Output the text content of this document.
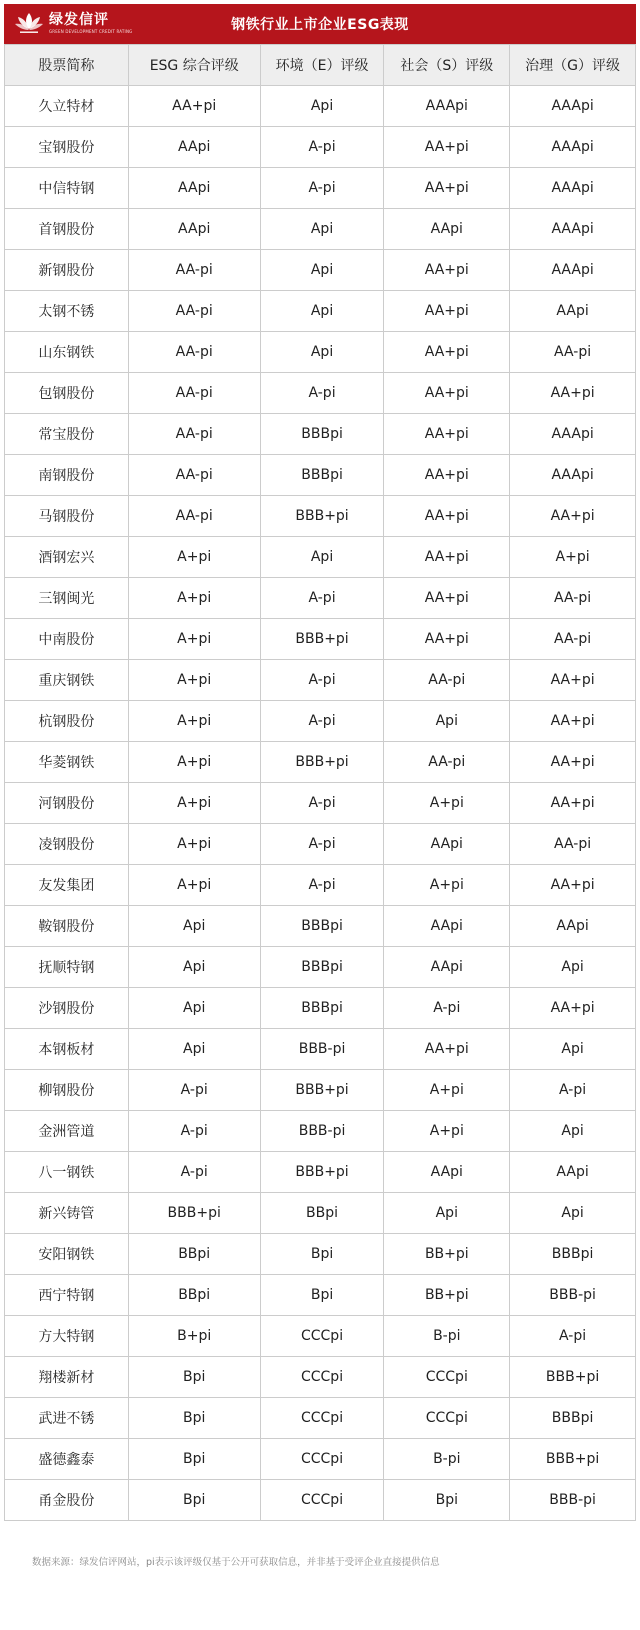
绿发信评
GREEN DEVELOPMENT CREDIT RATING	钢铁行业上市企业ESG表现
股票简称	ESG 综合评级	环境（E）评级	社会（S）评级	治理（G）评级
久立特材	AA+pi	Api	AAApi	AAApi
宝钢股份	AApi	A-pi	AA+pi	AAApi
中信特钢	AApi	A-pi	AA+pi	AAApi
首钢股份	AApi	Api	AApi	AAApi
新钢股份	AA-pi	Api	AA+pi	AAApi
太钢不锈	AA-pi	Api	AA+pi	AApi
山东钢铁	AA-pi	Api	AA+pi	AA-pi
包钢股份	AA-pi	A-pi	AA+pi	AA+pi
常宝股份	AA-pi	BBBpi	AA+pi	AAApi
南钢股份	AA-pi	BBBpi	AA+pi	AAApi
马钢股份	AA-pi	BBB+pi	AA+pi	AA+pi
酒钢宏兴	A+pi	Api	AA+pi	A+pi
三钢闽光	A+pi	A-pi	AA+pi	AA-pi
中南股份	A+pi	BBB+pi	AA+pi	AA-pi
重庆钢铁	A+pi	A-pi	AA-pi	AA+pi
杭钢股份	A+pi	A-pi	Api	AA+pi
华菱钢铁	A+pi	BBB+pi	AA-pi	AA+pi
河钢股份	A+pi	A-pi	A+pi	AA+pi
凌钢股份	A+pi	A-pi	AApi	AA-pi
友发集团	A+pi	A-pi	A+pi	AA+pi
鞍钢股份	Api	BBBpi	AApi	AApi
抚顺特钢	Api	BBBpi	AApi	Api
沙钢股份	Api	BBBpi	A-pi	AA+pi
本钢板材	Api	BBB-pi	AA+pi	Api
柳钢股份	A-pi	BBB+pi	A+pi	A-pi
金洲管道	A-pi	BBB-pi	A+pi	Api
八一钢铁	A-pi	BBB+pi	AApi	AApi
新兴铸管	BBB+pi	BBpi	Api	Api
安阳钢铁	BBpi	Bpi	BB+pi	BBBpi
西宁特钢	BBpi	Bpi	BB+pi	BBB-pi
方大特钢	B+pi	CCCpi	B-pi	A-pi
翔楼新材	Bpi	CCCpi	CCCpi	BBB+pi
武进不锈	Bpi	CCCpi	CCCpi	BBBpi
盛德鑫泰	Bpi	CCCpi	B-pi	BBB+pi
甬金股份	Bpi	CCCpi	Bpi	BBB-pi
数据来源：绿发信评网站，pi表示该评级仅基于公开可获取信息，并非基于受评企业直接提供信息
